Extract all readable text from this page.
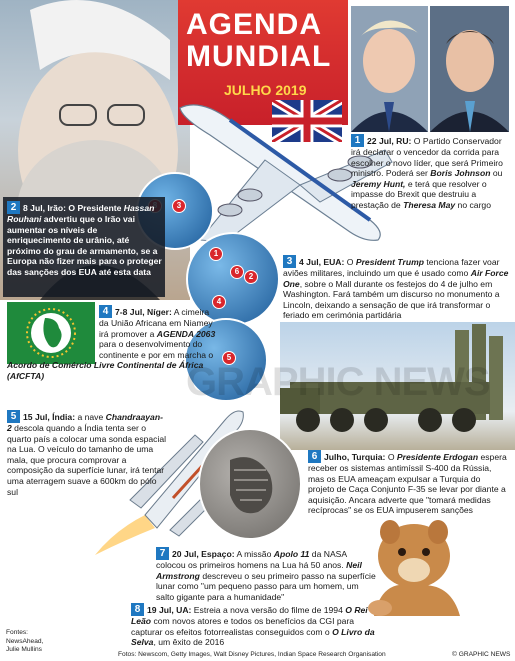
AGENDA
MUNDIAL
JULHO 2019
3
1
6
2
4
5
GRAPHIC NEWS
1 22 Jul, RU: O Partido Conservador irá declarar o vencedor da corrida para escolher o novo líder, que será Primeiro ministro. Poderá ser Boris Johnson ou Jeremy Hunt, e terá que resolver o impasse do Brexit que destruiu a prestação de Theresa May no cargo
2 8 Jul, Irão: O Presidente Hassan Rouhani advertiu que o Irão vai aumentar os níveis de enriquecimento de urânio, até próximo do grau de armamento, se a Europa não fizer mais para o proteger das sanções dos EUA até esta data
3 4 Jul, EUA: O President Trump tenciona fazer voar aviões militares, incluindo um que é usado como Air Force One, sobre o Mall durante os festejos do 4 de julho em Washington. Fará também um discurso no monumento a Lincoln, deixando a sensação de que irá transformar o feriado em cerimónia partidária
4 7-8 Jul, Níger: A cimeira da União Africana em Niamey irá promover a AGENDA 2063 para o desenvolvimento do continente e por em marcha o
Acordo de Comércio Livre Continental de África (AfCFTA)
5 15 Jul, Índia: a nave Chandraayan-2 descola quando a Índia tenta ser o quarto país a colocar uma sonda espacial na Lua. O veículo do tamanho de uma mala, que procura comprovar a composição da superfície lunar, irá tentar uma aterragem suave a 600km do pólo sul
6 Julho, Turquia: O Presidente Erdogan espera receber os sistemas antimíssil S-400 da Rússia, mas os EUA ameaçam expulsar a Turquia do projeto de Caça Conjunto F-35 se levar por diante a aquisição. Ancara adverte que "tomará medidas recíprocas" se os EUA impuserem sanções
7 20 Jul, Espaço: A missão Apolo 11 da NASA colocou os primeiros homens na Lua há 50 anos. Neil Armstrong descreveu o seu primeiro passo na superfície lunar como "um pequeno passo para um homem, um salto gigante para a humanidade"
8 19 Jul, UA: Estreia a nova versão do filme de 1994 O Rei Leão com novos atores e todos os benefícios da CGI para capturar os efeitos fotorrealistas conseguidos com o O Livro da Selva, um êxito de 2016
Fontes: NewsAhead, Julie Mullins
Fotos: Newscom, Getty Images, Walt Disney Pictures, Indian Space Research Organisation	© GRAPHIC NEWS
